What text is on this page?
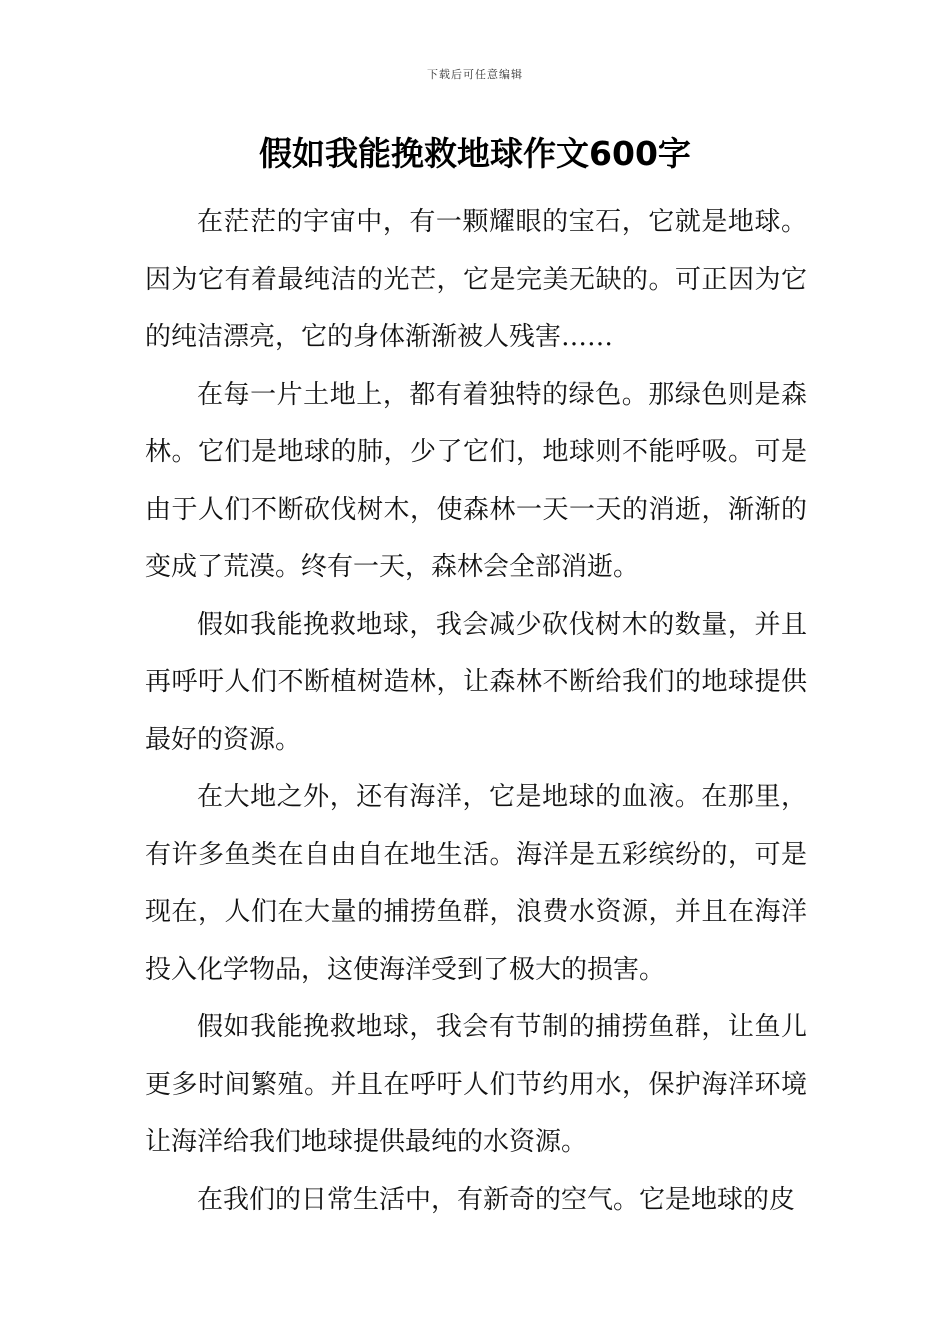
下载后可任意编辑
假如我能挽救地球作文600字

在茫茫的宇宙中，有一颗耀眼的宝石，它就是地球。因为它有着最纯洁的光芒，它是完美无缺的。可正因为它的纯洁漂亮，它的身体渐渐被人残害……

在每一片土地上，都有着独特的绿色。那绿色则是森林。它们是地球的肺，少了它们，地球则不能呼吸。可是由于人们不断砍伐树木，使森林一天一天的消逝，渐渐的变成了荒漠。终有一天，森林会全部消逝。

假如我能挽救地球，我会减少砍伐树木的数量，并且再呼吁人们不断植树造林，让森林不断给我们的地球提供最好的资源。

在大地之外，还有海洋，它是地球的血液。在那里，有许多鱼类在自由自在地生活。海洋是五彩缤纷的，可是现在，人们在大量的捕捞鱼群，浪费水资源，并且在海洋投入化学物品，这使海洋受到了极大的损害。

假如我能挽救地球，我会有节制的捕捞鱼群，让鱼儿更多时间繁殖。并且在呼吁人们节约用水，保护海洋环境让海洋给我们地球提供最纯的水资源。

在我们的日常生活中，有新奇的空气。它是地球的皮
